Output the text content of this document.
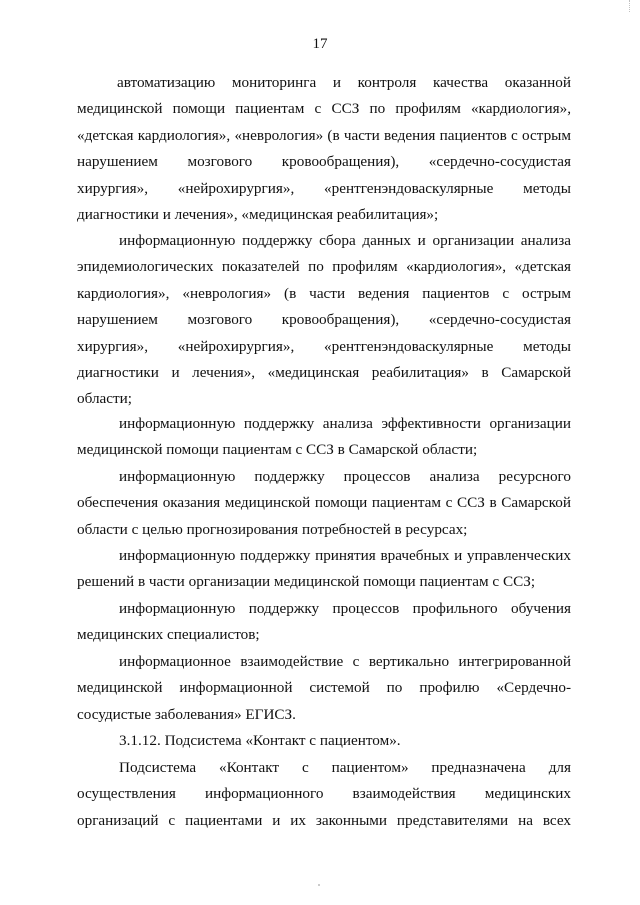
17
автоматизацию мониторинга и контроля качества оказанной
медицинской помощи пациентам с ССЗ по профилям «кардиология»,
«детская кардиология», «неврология» (в части ведения пациентов с острым
нарушением мозгового кровообращения), «сердечно-сосудистая
хирургия», «нейрохирургия», «рентгенэндоваскулярные методы
диагностики и лечения», «медицинская реабилитация»;
информационную поддержку сбора данных и организации анализа
эпидемиологических показателей по профилям «кардиология», «детская
кардиология», «неврология» (в части ведения пациентов с острым
нарушением мозгового кровообращения), «сердечно-сосудистая
хирургия», «нейрохирургия», «рентгенэндоваскулярные методы
диагностики и лечения», «медицинская реабилитация» в Самарской
области;
информационную поддержку анализа эффективности организации
медицинской помощи пациентам с ССЗ в Самарской области;
информационную поддержку процессов анализа ресурсного
обеспечения оказания медицинской помощи пациентам с ССЗ в Самарской
области с целью прогнозирования потребностей в ресурсах;
информационную поддержку принятия врачебных и управленческих
решений в части организации медицинской помощи пациентам с ССЗ;
информационную поддержку процессов профильного обучения
медицинских специалистов;
информационное взаимодействие с вертикально интегрированной
медицинской информационной системой по профилю «Сердечно-
сосудистые заболевания» ЕГИСЗ.
3.1.12. Подсистема «Контакт с пациентом».
Подсистема «Контакт с пациентом» предназначена для
осуществления информационного взаимодействия медицинских
организаций с пациентами и их законными представителями на всех
